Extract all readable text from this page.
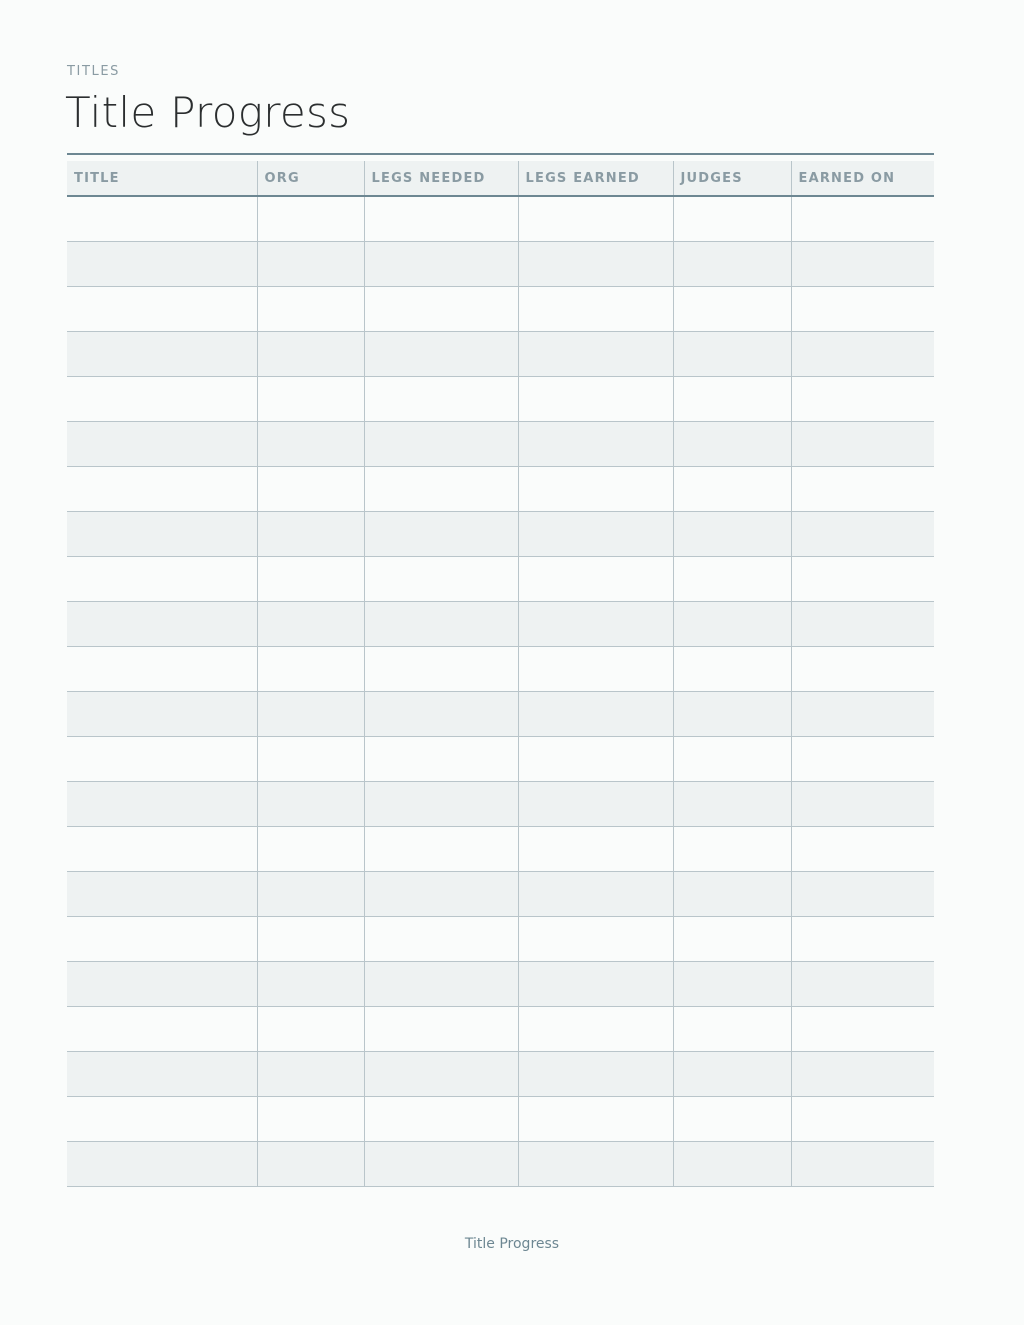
TITLES
Title Progress
TITLE	ORG	LEGS NEEDED	LEGS EARNED	JUDGES	EARNED ON

Title Progress
